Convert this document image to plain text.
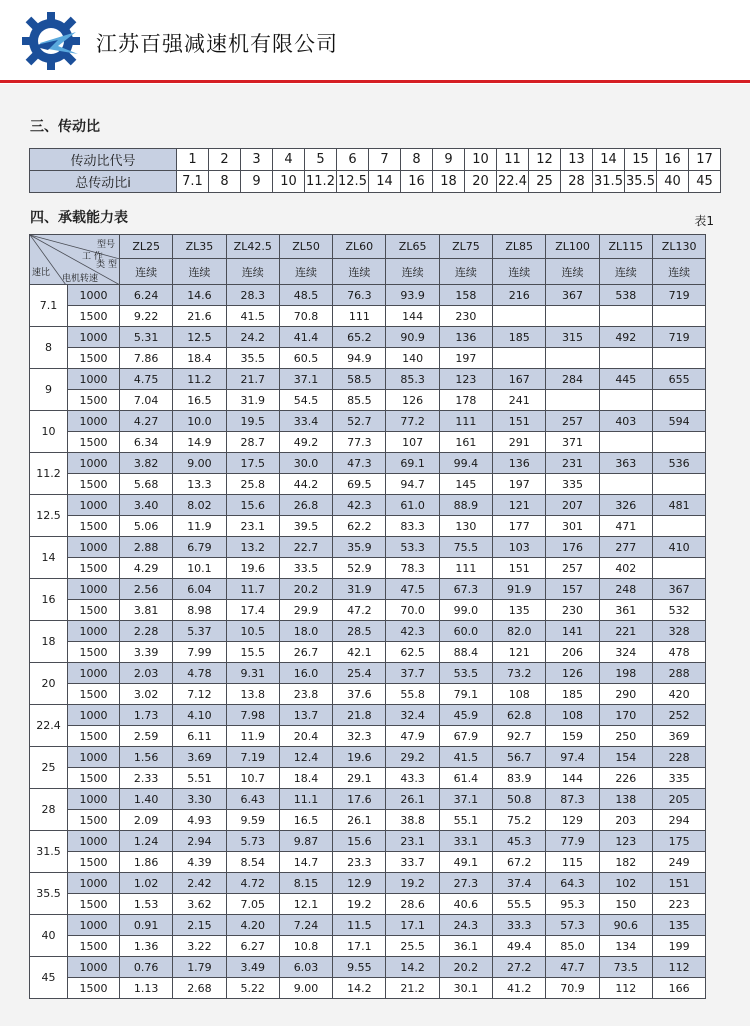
江苏百强减速机有限公司
三、传动比
传动比代号	1	2	3	4	5	6	7	8	9	10	11	12	13	14	15	16	17
总传动比i	7.1	8	9	10	11.2	12.5	14	16	18	20	22.4	25	28	31.5	35.5	40	45
四、承载能力表	表1
型号
工 作
类 型
速比
电机转速		ZL25	ZL35	ZL42.5	ZL50	ZL60	ZL65	ZL75	ZL85	ZL100	ZL115	ZL130
		连续	连续	连续	连续	连续	连续	连续	连续	连续	连续	连续
7.1	1000	6.24	14.6	28.3	48.5	76.3	93.9	158	216	367	538	719
	1500	9.22	21.6	41.5	70.8	111	144	230				
8	1000	5.31	12.5	24.2	41.4	65.2	90.9	136	185	315	492	719
	1500	7.86	18.4	35.5	60.5	94.9	140	197				
9	1000	4.75	11.2	21.7	37.1	58.5	85.3	123	167	284	445	655
	1500	7.04	16.5	31.9	54.5	85.5	126	178	241			
10	1000	4.27	10.0	19.5	33.4	52.7	77.2	111	151	257	403	594
	1500	6.34	14.9	28.7	49.2	77.3	107	161	291	371		
11.2	1000	3.82	9.00	17.5	30.0	47.3	69.1	99.4	136	231	363	536
	1500	5.68	13.3	25.8	44.2	69.5	94.7	145	197	335		
12.5	1000	3.40	8.02	15.6	26.8	42.3	61.0	88.9	121	207	326	481
	1500	5.06	11.9	23.1	39.5	62.2	83.3	130	177	301	471	
14	1000	2.88	6.79	13.2	22.7	35.9	53.3	75.5	103	176	277	410
	1500	4.29	10.1	19.6	33.5	52.9	78.3	111	151	257	402	
16	1000	2.56	6.04	11.7	20.2	31.9	47.5	67.3	91.9	157	248	367
	1500	3.81	8.98	17.4	29.9	47.2	70.0	99.0	135	230	361	532
18	1000	2.28	5.37	10.5	18.0	28.5	42.3	60.0	82.0	141	221	328
	1500	3.39	7.99	15.5	26.7	42.1	62.5	88.4	121	206	324	478
20	1000	2.03	4.78	9.31	16.0	25.4	37.7	53.5	73.2	126	198	288
	1500	3.02	7.12	13.8	23.8	37.6	55.8	79.1	108	185	290	420
22.4	1000	1.73	4.10	7.98	13.7	21.8	32.4	45.9	62.8	108	170	252
	1500	2.59	6.11	11.9	20.4	32.3	47.9	67.9	92.7	159	250	369
25	1000	1.56	3.69	7.19	12.4	19.6	29.2	41.5	56.7	97.4	154	228
	1500	2.33	5.51	10.7	18.4	29.1	43.3	61.4	83.9	144	226	335
28	1000	1.40	3.30	6.43	11.1	17.6	26.1	37.1	50.8	87.3	138	205
	1500	2.09	4.93	9.59	16.5	26.1	38.8	55.1	75.2	129	203	294
31.5	1000	1.24	2.94	5.73	9.87	15.6	23.1	33.1	45.3	77.9	123	175
	1500	1.86	4.39	8.54	14.7	23.3	33.7	49.1	67.2	115	182	249
35.5	1000	1.02	2.42	4.72	8.15	12.9	19.2	27.3	37.4	64.3	102	151
	1500	1.53	3.62	7.05	12.1	19.2	28.6	40.6	55.5	95.3	150	223
40	1000	0.91	2.15	4.20	7.24	11.5	17.1	24.3	33.3	57.3	90.6	135
	1500	1.36	3.22	6.27	10.8	17.1	25.5	36.1	49.4	85.0	134	199
45	1000	0.76	1.79	3.49	6.03	9.55	14.2	20.2	27.2	47.7	73.5	112
	1500	1.13	2.68	5.22	9.00	14.2	21.2	30.1	41.2	70.9	112	166
